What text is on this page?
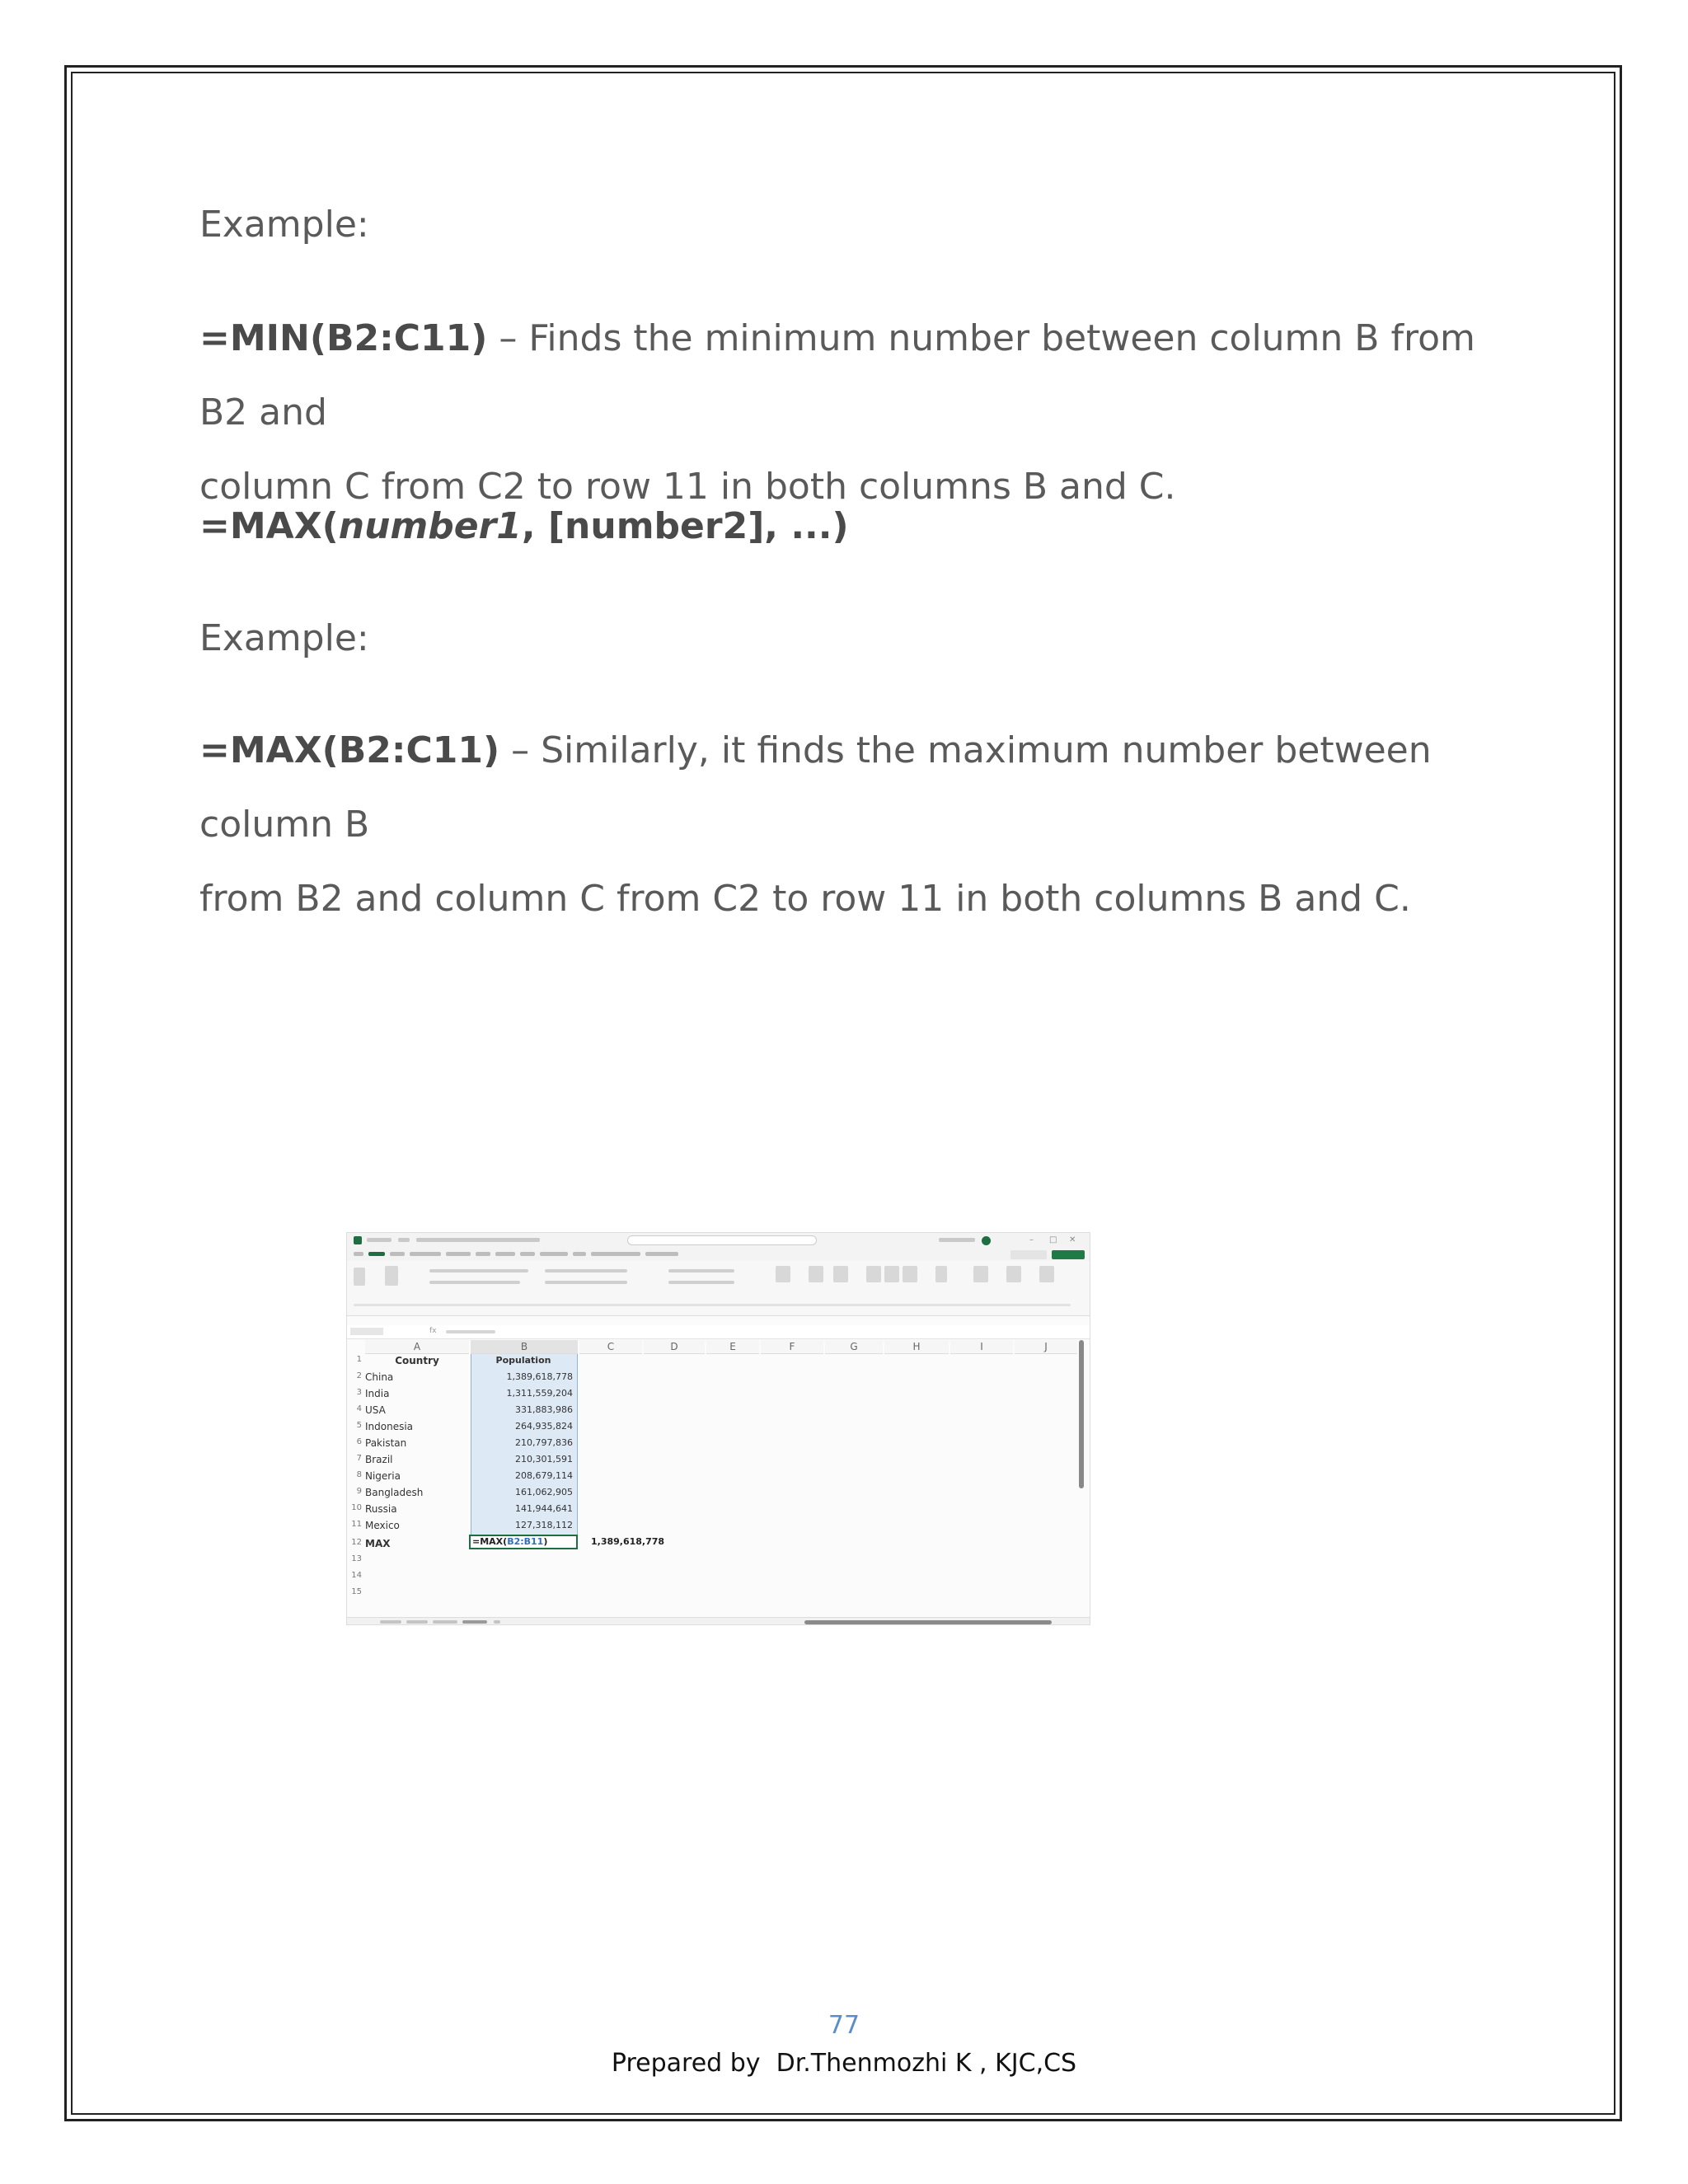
Example:

=MIN(B2:C11) – Finds the minimum number between column B from B2 and
column C from C2 to row 11 in both columns B and C.

=MAX(number1, [number2], ...)

Example:

=MAX(B2:C11) – Similarly, it finds the maximum number between column B
from B2 and column C from C2 to row 11 in both columns B and C.

– □ ✕
fx
A	B	C	D	E	F	G	H	I	J
1	Country	Population
2 China	1,389,618,778
3 India	1,311,559,204
4 USA	331,883,986
5 Indonesia	264,935,824
6 Pakistan	210,797,836
7 Brazil	210,301,591
8 Nigeria	208,679,114
9 Bangladesh	161,062,905
10 Russia	141,944,641
11 Mexico	127,318,112
12 MAX	=MAX(B2:B11)	1,389,618,778
13
14
15
77
Prepared by  Dr.Thenmozhi K , KJC,CS
